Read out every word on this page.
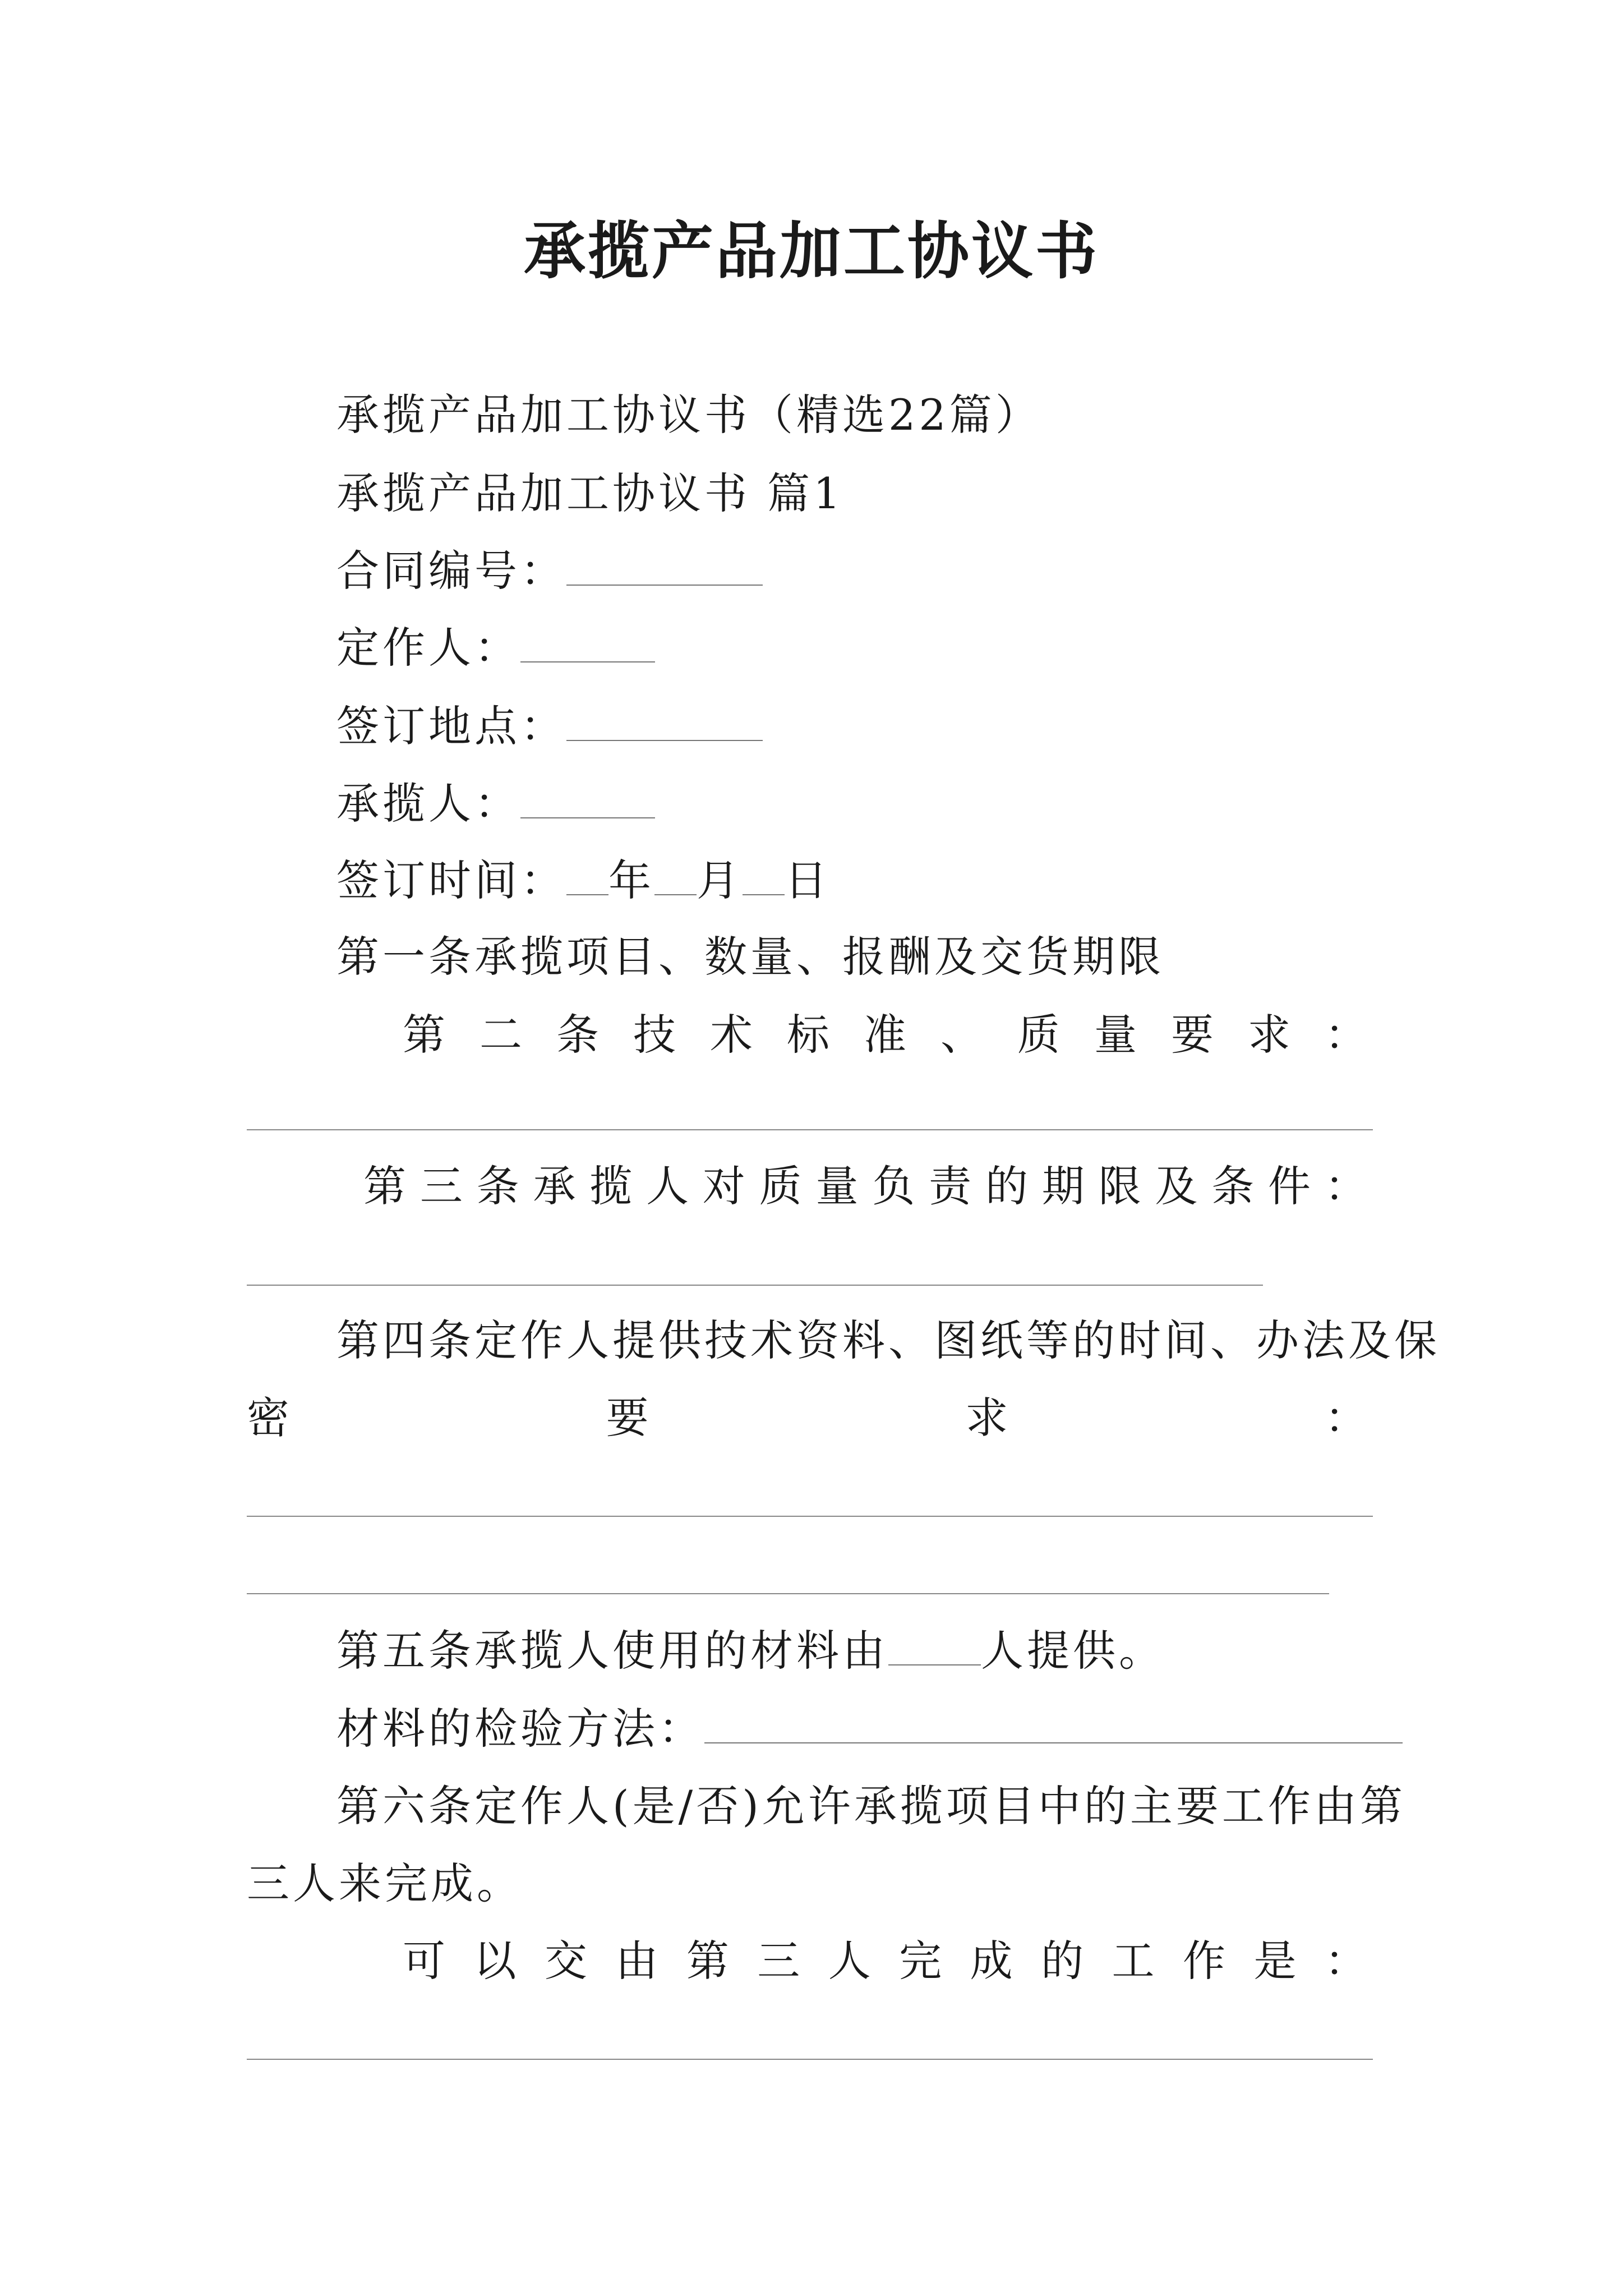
承揽产品加工协议书
承揽产品加工协议书（精选22篇）
承揽产品加工协议书 篇1
合同编号：
定作人：
签订地点：
承揽人：
签订时间： 年 月 日
第一条承揽项目、数量、报酬及交货期限
第 二 条 技 术 标 准 、 质 量 要 求 ：
第 三 条 承 揽 人 对 质 量 负 责 的 期 限 及 条 件 ：
第四条定作人提供技术资料、图纸等的时间、办法及保
密	要	求	：
第五条承揽人使用的材料由 人提供。
材料的检验方法：
第六条定作人(是/否)允许承揽项目中的主要工作由第
三人来完成。
可 以 交 由 第 三 人 完 成 的 工 作 是 ：
